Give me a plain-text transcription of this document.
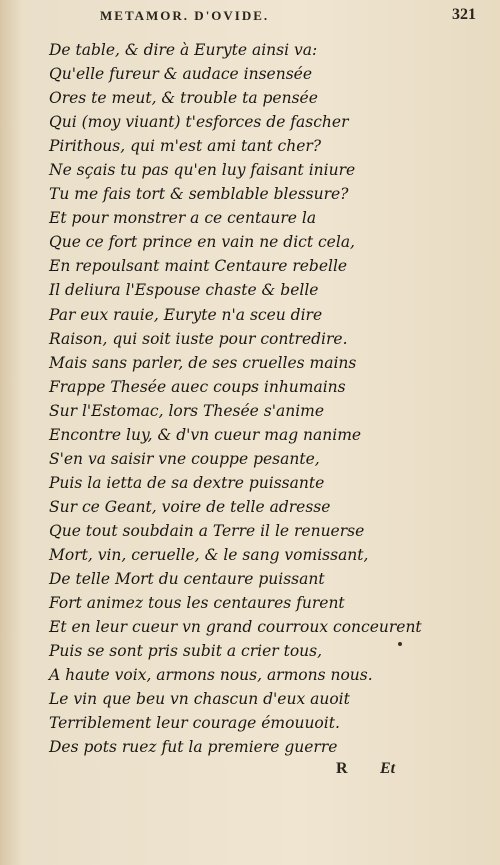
METAMOR. D'OVIDE.	321
De table, & dire à Euryte ainsi va:
Qu'elle fureur & audace insensée
Ores te meut, & trouble ta pensée
Qui (moy viuant) t'esforces de fascher
Pirithous, qui m'est ami tant cher?
Ne sçais tu pas qu'en luy faisant iniure
Tu me fais tort & semblable blessure?
Et pour monstrer a ce centaure la
Que ce fort prince en vain ne dict cela,
En repoulsant maint Centaure rebelle
Il deliura l'Espouse chaste & belle
Par eux rauie, Euryte n'a sceu dire
Raison, qui soit iuste pour contredire.
Mais sans parler, de ses cruelles mains
Frappe Thesée auec coups inhumains
Sur l'Estomac, lors Thesée s'anime
Encontre luy, & d'vn cueur mag nanime
S'en va saisir vne couppe pesante,
Puis la ietta de sa dextre puissante
Sur ce Geant, voire de telle adresse
Que tout soubdain a Terre il le renuerse
Mort, vin, ceruelle, & le sang vomissant,
De telle Mort du centaure puissant
Fort animez tous les centaures furent
Et en leur cueur vn grand courroux conceurent
Puis se sont pris subit a crier tous,
A haute voix, armons nous, armons nous.
Le vin que beu vn chascun d'eux auoit
Terriblement leur courage émouuoit.
Des pots ruez fut la premiere guerre
R Et
